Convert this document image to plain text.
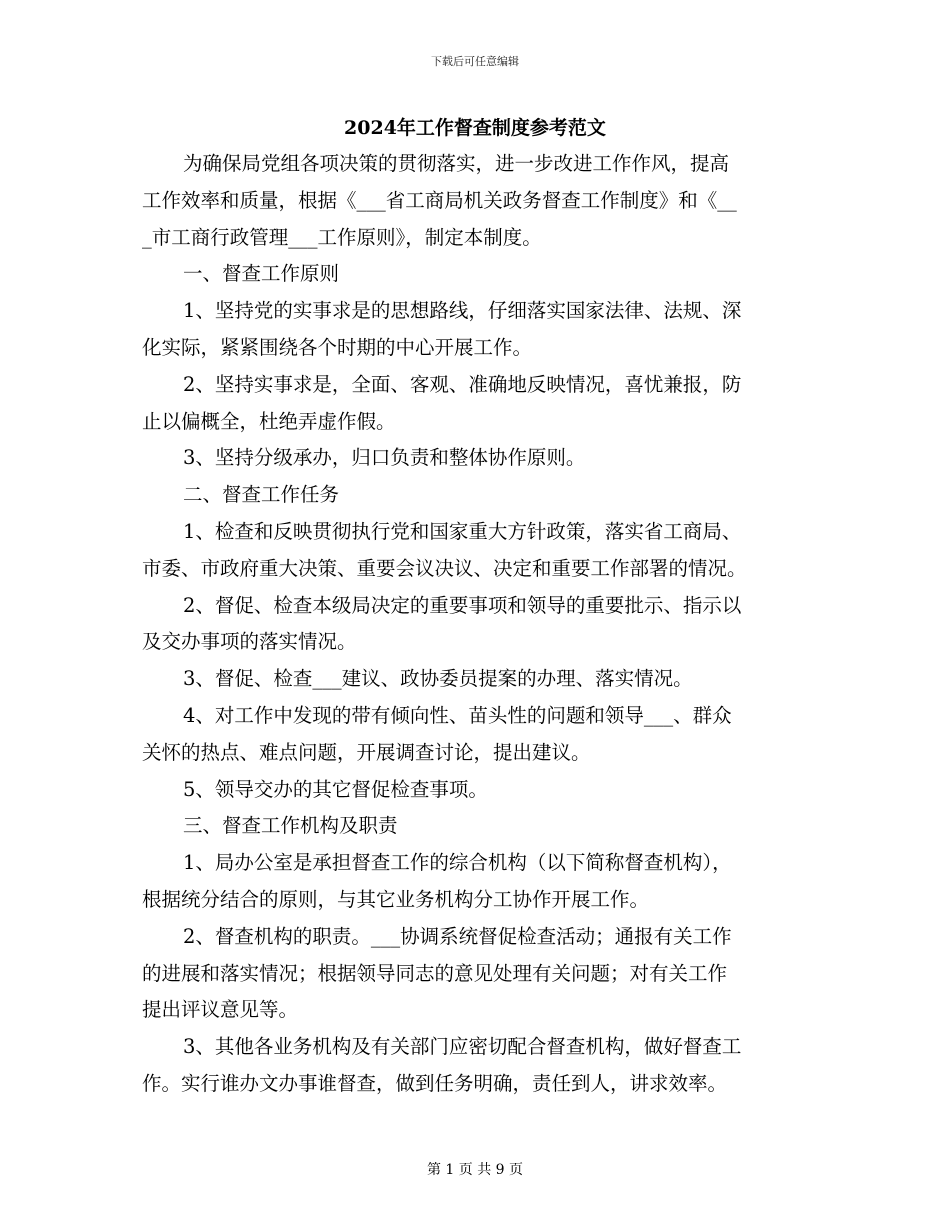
下载后可任意编辑
2024年工作督查制度参考范文

为确保局党组各项决策的贯彻落实，进一步改进工作作风，提高

工作效率和质量，根据《___省工商局机关政务督查工作制度》和《__

_市工商行政管理___工作原则》，制定本制度。

一、督查工作原则

1、坚持党的实事求是的思想路线，仔细落实国家法律、法规、深

化实际，紧紧围绕各个时期的中心开展工作。

2、坚持实事求是，全面、客观、准确地反映情况，喜忧兼报，防

止以偏概全，杜绝弄虚作假。

3、坚持分级承办，归口负责和整体协作原则。

二、督查工作任务

1、检查和反映贯彻执行党和国家重大方针政策，落实省工商局、

市委、市政府重大决策、重要会议决议、决定和重要工作部署的情况。

2、督促、检查本级局决定的重要事项和领导的重要批示、指示以

及交办事项的落实情况。

3、督促、检查___建议、政协委员提案的办理、落实情况。

4、对工作中发现的带有倾向性、苗头性的问题和领导___、群众

关怀的热点、难点问题，开展调查讨论，提出建议。

5、领导交办的其它督促检查事项。

三、督查工作机构及职责

1、局办公室是承担督查工作的综合机构（以下简称督查机构），

根据统分结合的原则，与其它业务机构分工协作开展工作。

2、督查机构的职责。___协调系统督促检查活动；通报有关工作

的进展和落实情况；根据领导同志的意见处理有关问题；对有关工作

提出评议意见等。

3、其他各业务机构及有关部门应密切配合督查机构，做好督查工

作。实行谁办文办事谁督查，做到任务明确，责任到人，讲求效率。

第 1 页 共 9 页
